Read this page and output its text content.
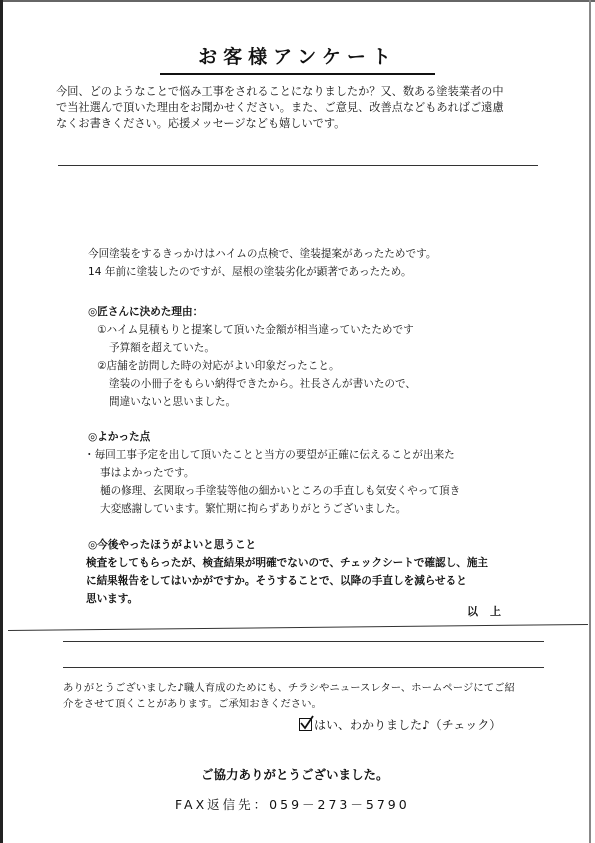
お客様アンケート
今回、どのようなことで悩み工事をされることになりましたか？又、数ある塗装業者の中
で当社選んで頂いた理由をお聞かせください。また、ご意見、改善点などもあればご遠慮
なくお書きください。応援メッセージなども嬉しいです。
今回塗装をするきっかけはハイムの点検で、塗装提案があったためです。
14 年前に塗装したのですが、屋根の塗装劣化が顕著であったため。
◎匠さんに決めた理由：
①ハイム見積もりと提案して頂いた金額が相当違っていたためです
予算額を超えていた。
②店舗を訪問した時の対応がよい印象だったこと。
塗装の小冊子をもらい納得できたから。社長さんが書いたので、
間違いないと思いました。
◎よかった点
・毎回工事予定を出して頂いたことと当方の要望が正確に伝えることが出来た
事はよかったです。
樋の修理、玄関取っ手塗装等他の細かいところの手直しも気安くやって頂き
大変感謝しています。繁忙期に拘らずありがとうございました。
◎今後やったほうがよいと思うこと
検査をしてもらったが、検査結果が明確でないので、チェックシートで確認し、施主
に結果報告をしてはいかがですか。そうすることで、以降の手直しを減らせると
思います。
以上
ありがとうございました♪職人育成のためにも、チラシやニュースレター、ホームページにてご紹
介をさせて頂くことがあります。ご承知おきください。
はい、わかりました♪（チェック）
ご協力ありがとうございました。
FAX返信先：059－273－5790
